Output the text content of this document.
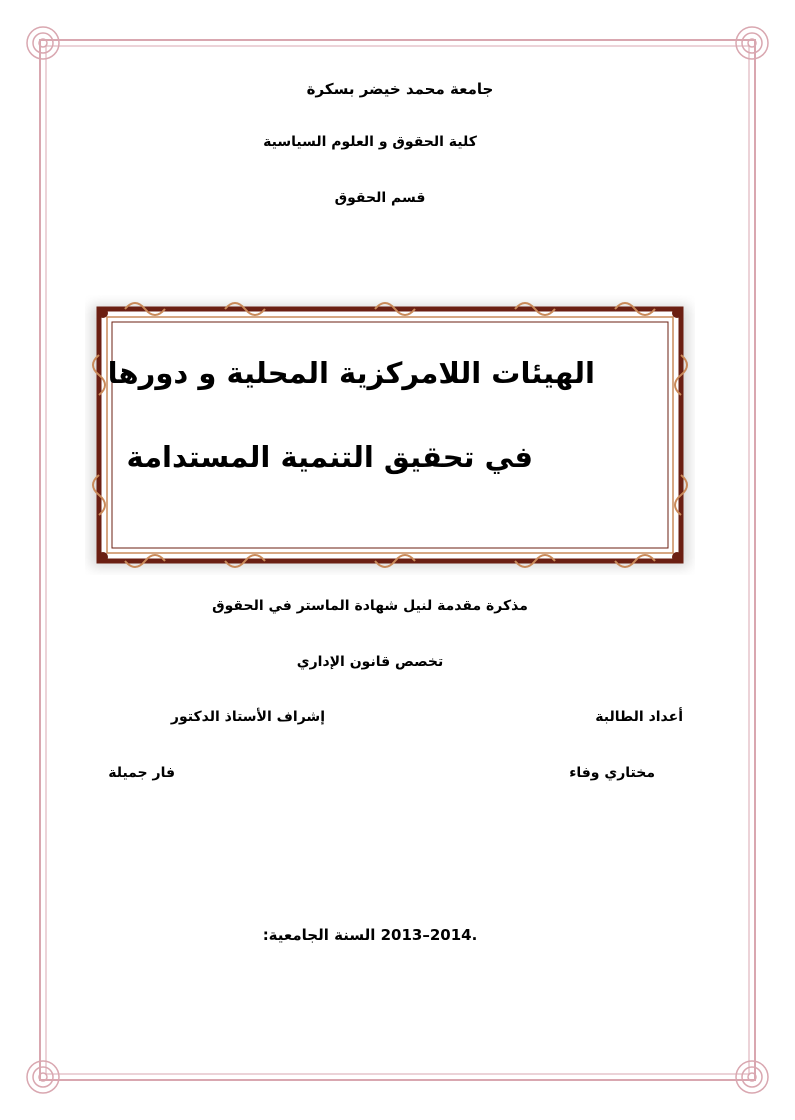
جامعة محمد خيضر بسكرة
كلية الحقوق و العلوم السياسية
قسم الحقوق
الهيئات اللامركزية المحلية و دورها
في تحقيق التنمية المستدامة
مذكرة مقدمة لنيل شهادة الماستر في الحقوق
تخصص قانون الإداري
أعداد الطالبة
إشراف الأستاذ الدكتور
مختاري وفاء
فار جميلة
السنة الجامعية: 2013–2014.
